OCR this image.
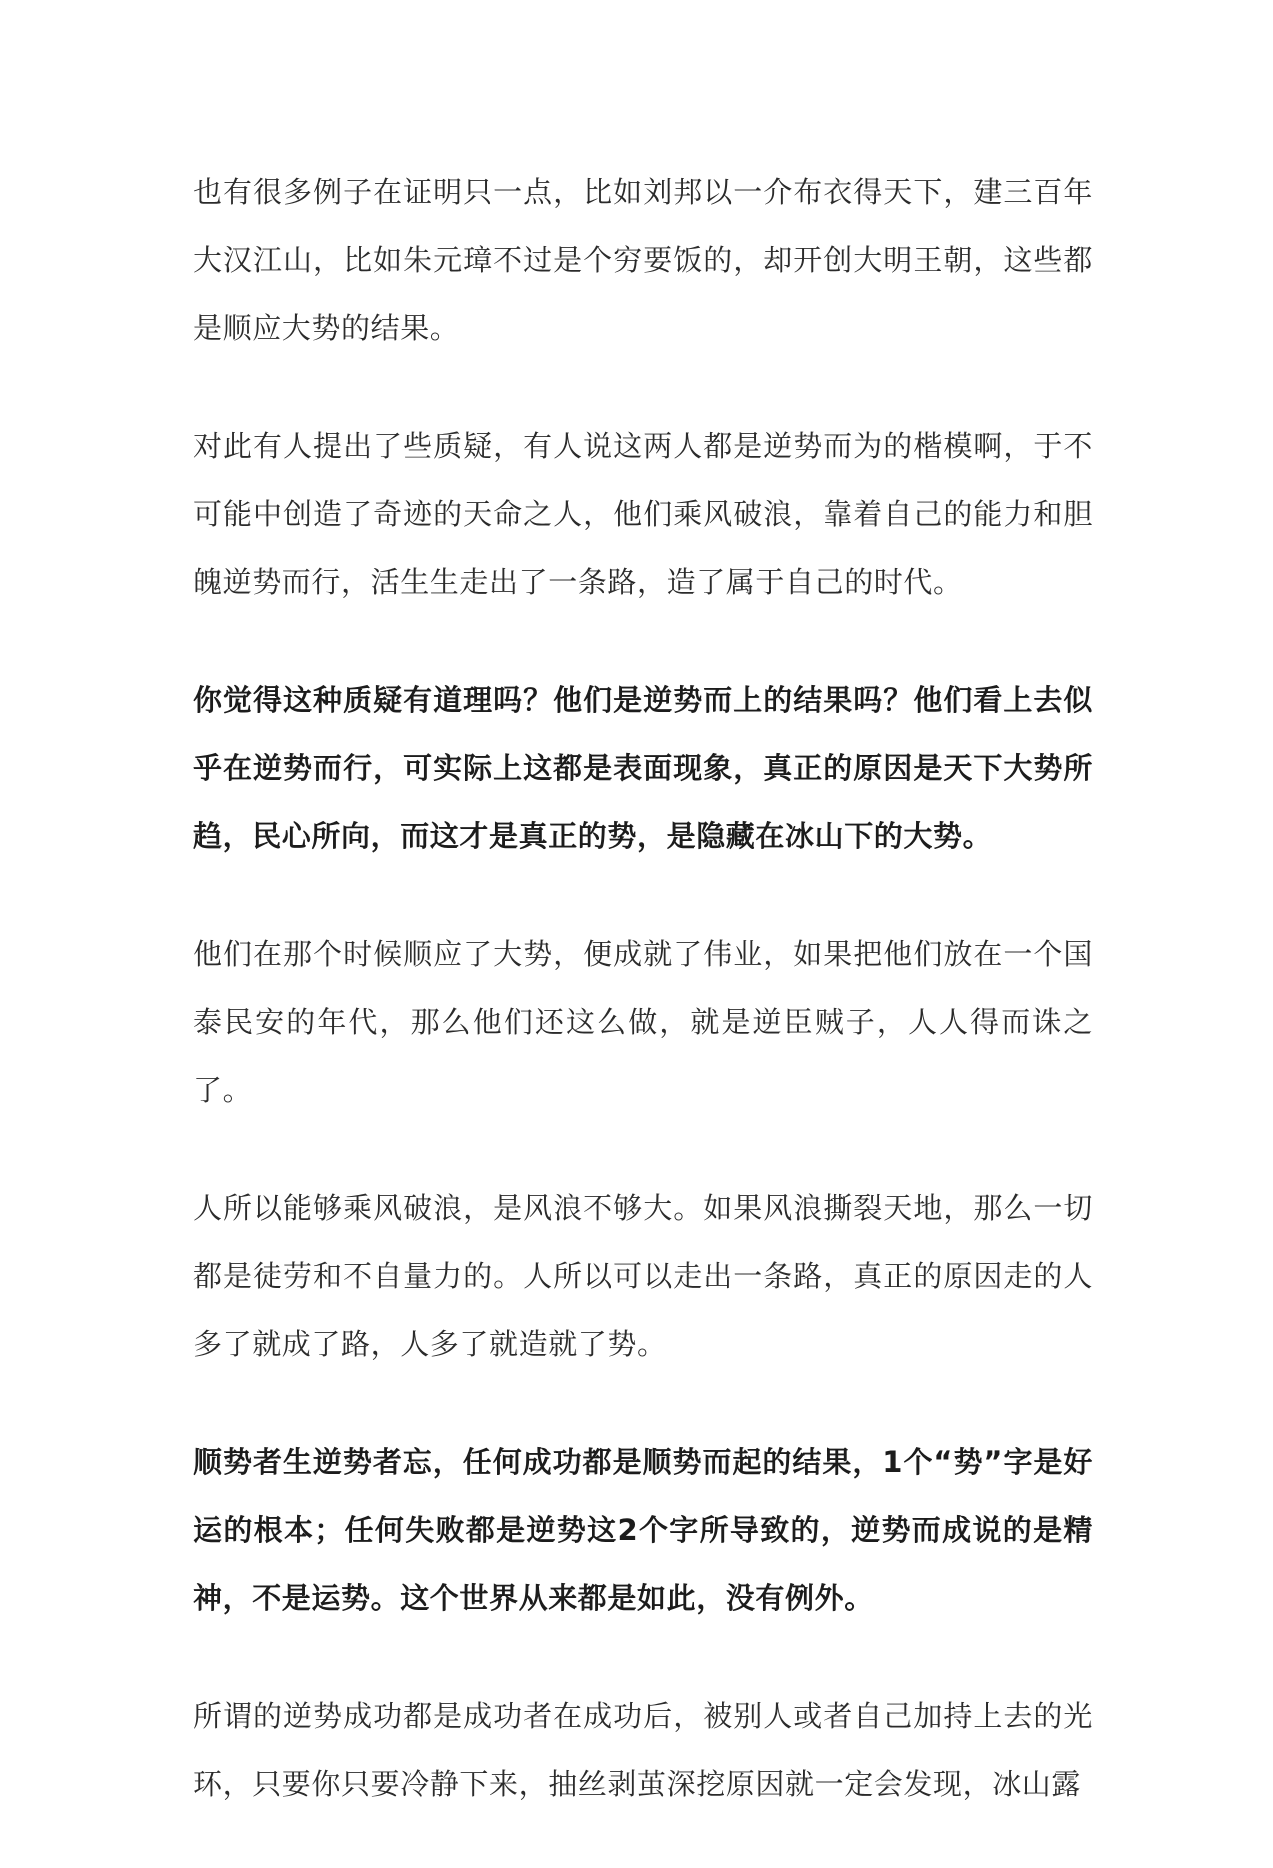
也有很多例子在证明只一点，比如刘邦以一介布衣得天下，建三百年大汉江山，比如朱元璋不过是个穷要饭的，却开创大明王朝，这些都是顺应大势的结果。

对此有人提出了些质疑，有人说这两人都是逆势而为的楷模啊，于不可能中创造了奇迹的天命之人，他们乘风破浪，靠着自己的能力和胆魄逆势而行，活生生走出了一条路，造了属于自己的时代。

你觉得这种质疑有道理吗？他们是逆势而上的结果吗？他们看上去似乎在逆势而行，可实际上这都是表面现象，真正的原因是天下大势所趋，民心所向，而这才是真正的势，是隐藏在冰山下的大势。

他们在那个时候顺应了大势，便成就了伟业，如果把他们放在一个国泰民安的年代，那么他们还这么做，就是逆臣贼子，人人得而诛之了。

人所以能够乘风破浪，是风浪不够大。如果风浪撕裂天地，那么一切都是徒劳和不自量力的。人所以可以走出一条路，真正的原因走的人多了就成了路，人多了就造就了势。

顺势者生逆势者忘，任何成功都是顺势而起的结果，1个“势”字是好运的根本；任何失败都是逆势这2个字所导致的，逆势而成说的是精神，不是运势。这个世界从来都是如此，没有例外。

所谓的逆势成功都是成功者在成功后，被别人或者自己加持上去的光环，只要你只要冷静下来，抽丝剥茧深挖原因就一定会发现，冰山露
